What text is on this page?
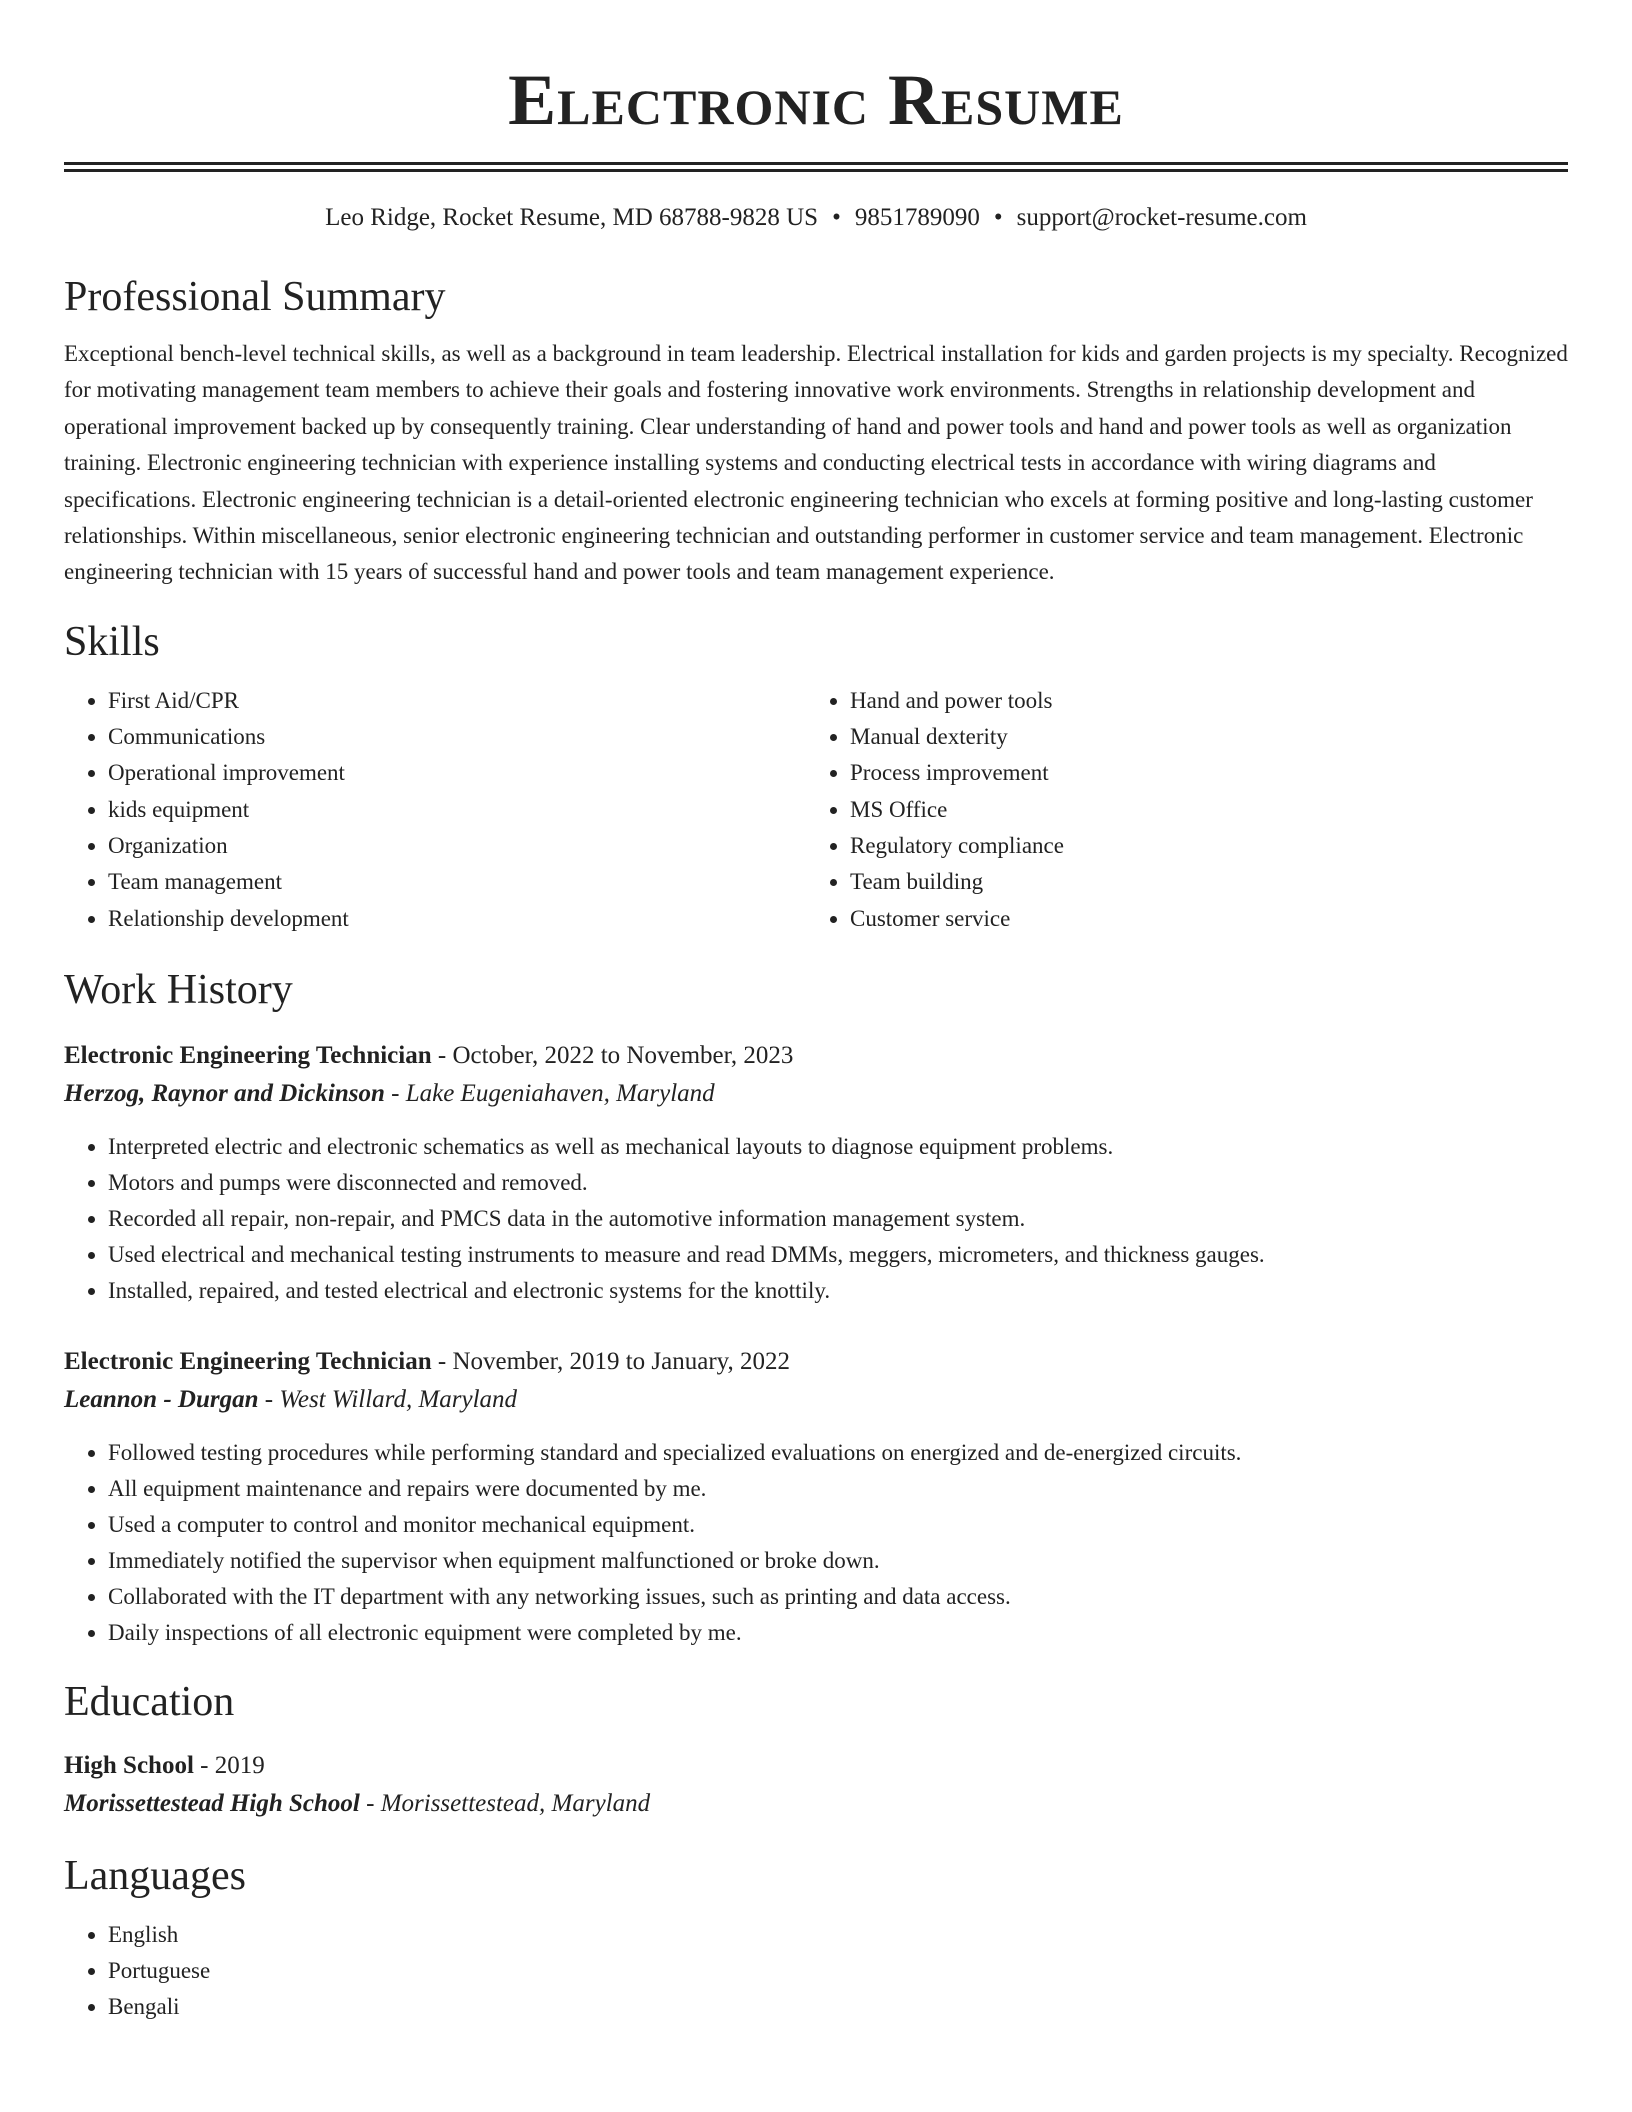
Electronic Resume
Leo Ridge, Rocket Resume, MD 68788-9828 US • 9851789090 • support@rocket-resume.com
Professional Summary

Exceptional bench-level technical skills, as well as a background in team leadership. Electrical installation for kids and garden projects is my specialty. Recognized for motivating management team members to achieve their goals and fostering innovative work environments. Strengths in relationship development and operational improvement backed up by consequently training. Clear understanding of hand and power tools and hand and power tools as well as organization training. Electronic engineering technician with experience installing systems and conducting electrical tests in accordance with wiring diagrams and specifications. Electronic engineering technician is a detail-oriented electronic engineering technician who excels at forming positive and long-lasting customer relationships. Within miscellaneous, senior electronic engineering technician and outstanding performer in customer service and team management. Electronic engineering technician with 15 years of successful hand and power tools and team management experience.

Skills
• First Aid/CPR
• Communications
• Operational improvement
• kids equipment
• Organization
• Team management
• Relationship development
• Hand and power tools
• Manual dexterity
• Process improvement
• MS Office
• Regulatory compliance
• Team building
• Customer service
Work History
Electronic Engineering Technician - October, 2022 to November, 2023
Herzog, Raynor and Dickinson - Lake Eugeniahaven, Maryland
• Interpreted electric and electronic schematics as well as mechanical layouts to diagnose equipment problems.
• Motors and pumps were disconnected and removed.
• Recorded all repair, non-repair, and PMCS data in the automotive information management system.
• Used electrical and mechanical testing instruments to measure and read DMMs, meggers, micrometers, and thickness gauges.
• Installed, repaired, and tested electrical and electronic systems for the knottily.
Electronic Engineering Technician - November, 2019 to January, 2022
Leannon - Durgan - West Willard, Maryland
• Followed testing procedures while performing standard and specialized evaluations on energized and de-energized circuits.
• All equipment maintenance and repairs were documented by me.
• Used a computer to control and monitor mechanical equipment.
• Immediately notified the supervisor when equipment malfunctioned or broke down.
• Collaborated with the IT department with any networking issues, such as printing and data access.
• Daily inspections of all electronic equipment were completed by me.
Education
High School - 2019
Morissettestead High School - Morissettestead, Maryland
Languages
• English
• Portuguese
• Bengali
